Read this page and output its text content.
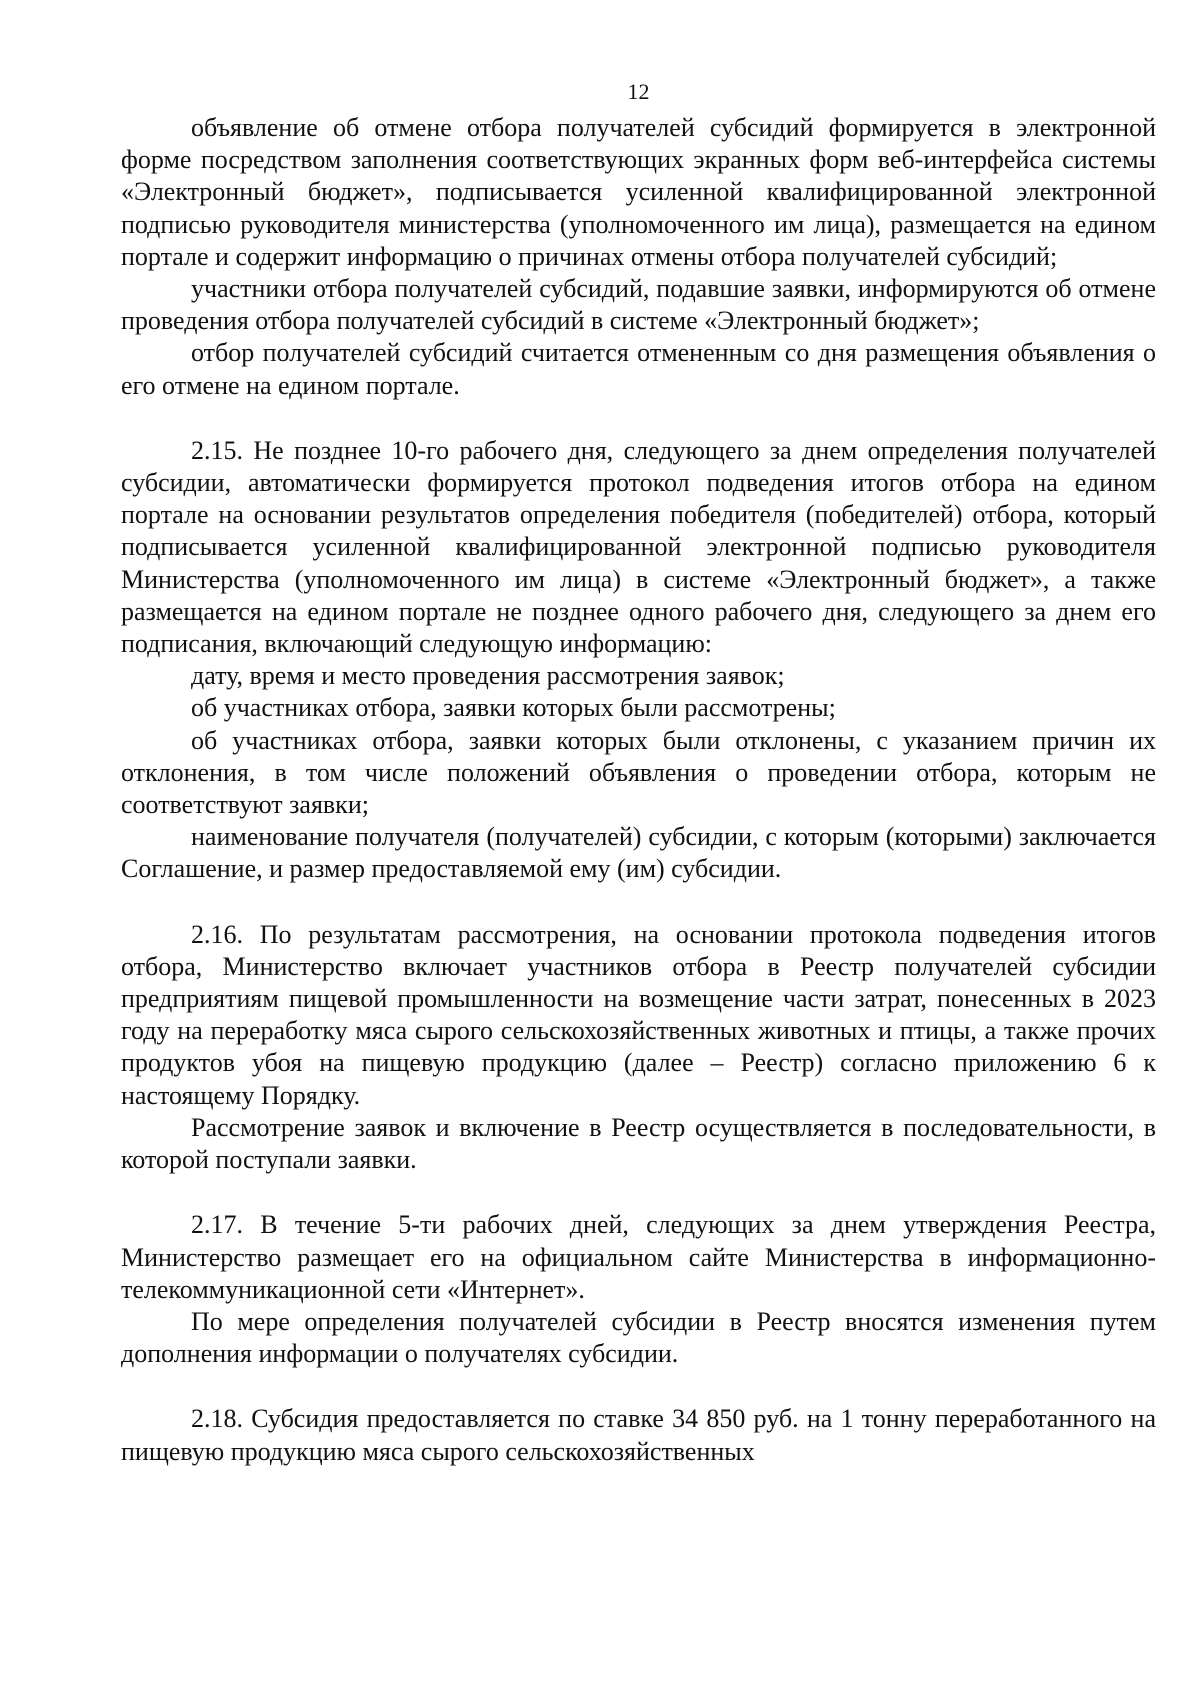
12

объявление об отмене отбора получателей субсидий формируется в электронной форме посредством заполнения соответствующих экранных форм веб-интерфейса системы «Электронный бюджет», подписывается усиленной квалифицированной электронной подписью руководителя министерства (уполномоченного им лица), размещается на едином портале и содержит информацию о причинах отмены отбора получателей субсидий;

участники отбора получателей субсидий, подавшие заявки, информируются об отмене проведения отбора получателей субсидий в системе «Электронный бюджет»;

отбор получателей субсидий считается отмененным со дня размещения объявления о его отмене на едином портале.

2.15. Не позднее 10-го рабочего дня, следующего за днем определения получателей субсидии, автоматически формируется протокол подведения итогов отбора на едином портале на основании результатов определения победителя (победителей) отбора, который подписывается усиленной квалифицированной электронной подписью руководителя Министерства (уполномоченного им лица) в системе «Электронный бюджет», а также размещается на едином портале не позднее одного рабочего дня, следующего за днем его подписания, включающий следующую информацию:

дату, время и место проведения рассмотрения заявок;

об участниках отбора, заявки которых были рассмотрены;

об участниках отбора, заявки которых были отклонены, с указанием причин их отклонения, в том числе положений объявления о проведении отбора, которым не соответствуют заявки;

наименование получателя (получателей) субсидии, с которым (которыми) заключается Соглашение, и размер предоставляемой ему (им) субсидии.

2.16. По результатам рассмотрения, на основании протокола подведения итогов отбора, Министерство включает участников отбора в Реестр получателей субсидии предприятиям пищевой промышленности на возмещение части затрат, понесенных в 2023 году на переработку мяса сырого сельскохозяйственных животных и птицы, а также прочих продуктов убоя на пищевую продукцию (далее – Реестр) согласно приложению 6 к настоящему Порядку.

Рассмотрение заявок и включение в Реестр осуществляется в последовательности, в которой поступали заявки.

2.17. В течение 5-ти рабочих дней, следующих за днем утверждения Реестра, Министерство размещает его на официальном сайте Министерства в информационно-телекоммуникационной сети «Интернет».

По мере определения получателей субсидии в Реестр вносятся изменения путем дополнения информации о получателях субсидии.

2.18. Субсидия предоставляется по ставке 34 850 руб. на 1 тонну переработанного на пищевую продукцию мяса сырого сельскохозяйственных
